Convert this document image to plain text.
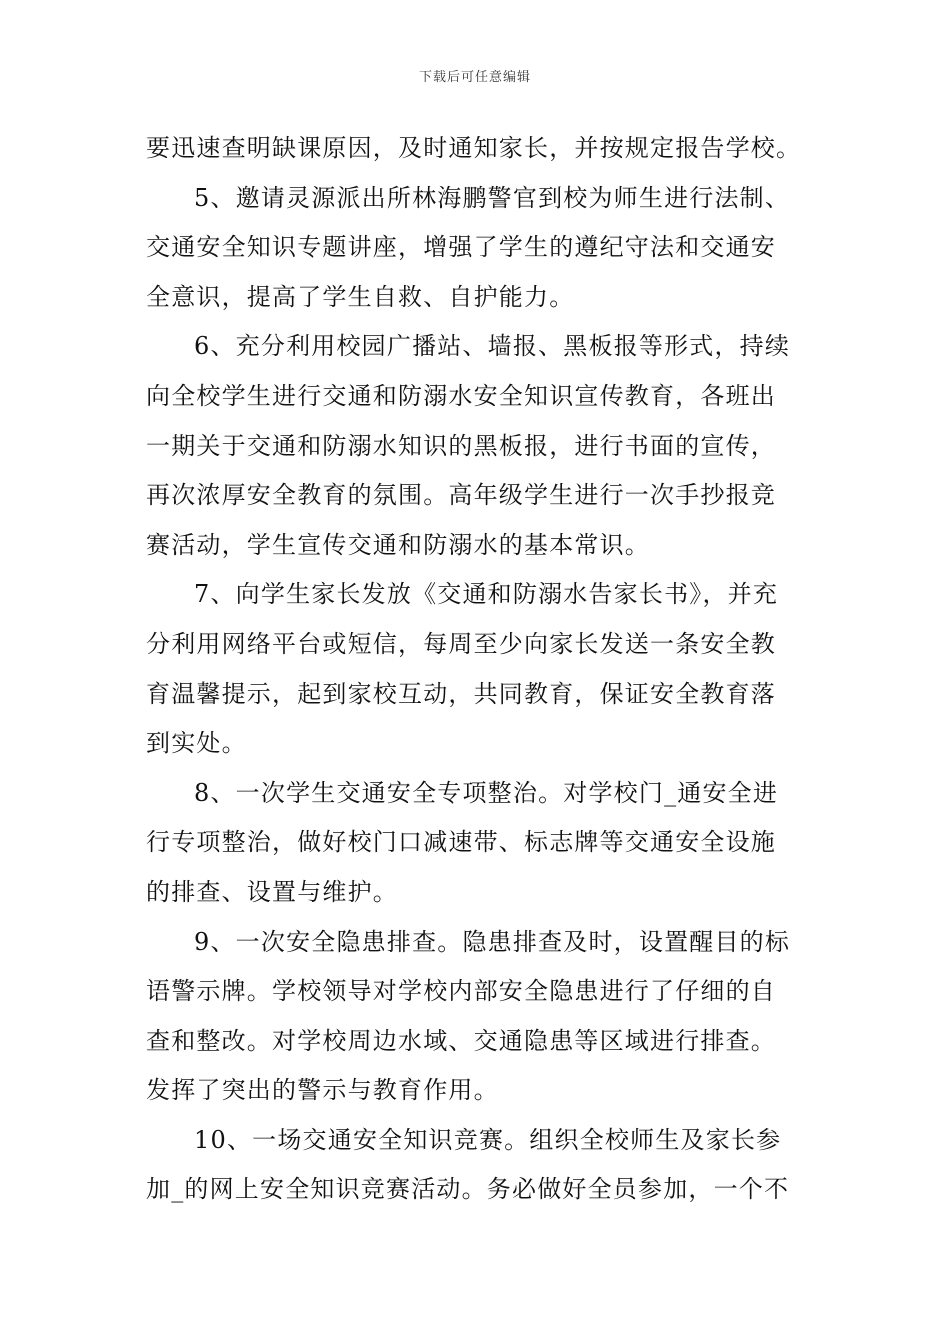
下载后可任意编辑

要迅速查明缺课原因，及时通知家长，并按规定报告学校。

5、邀请灵源派出所林海鹏警官到校为师生进行法制、
交通安全知识专题讲座，增强了学生的遵纪守法和交通安
全意识，提高了学生自救、自护能力。

6、充分利用校园广播站、墙报、黑板报等形式，持续
向全校学生进行交通和防溺水安全知识宣传教育，各班出
一期关于交通和防溺水知识的黑板报，进行书面的宣传，
再次浓厚安全教育的氛围。高年级学生进行一次手抄报竞
赛活动，学生宣传交通和防溺水的基本常识。

7、向学生家长发放《交通和防溺水告家长书》，并充
分利用网络平台或短信，每周至少向家长发送一条安全教
育温馨提示，起到家校互动，共同教育，保证安全教育落
到实处。

8、一次学生交通安全专项整治。对学校门_通安全进
行专项整治，做好校门口减速带、标志牌等交通安全设施
的排查、设置与维护。

9、一次安全隐患排查。隐患排查及时，设置醒目的标
语警示牌。学校领导对学校内部安全隐患进行了仔细的自
查和整改。对学校周边水域、交通隐患等区域进行排查。
发挥了突出的警示与教育作用。

10、一场交通安全知识竞赛。组织全校师生及家长参
加_的网上安全知识竞赛活动。务必做好全员参加，一个不
